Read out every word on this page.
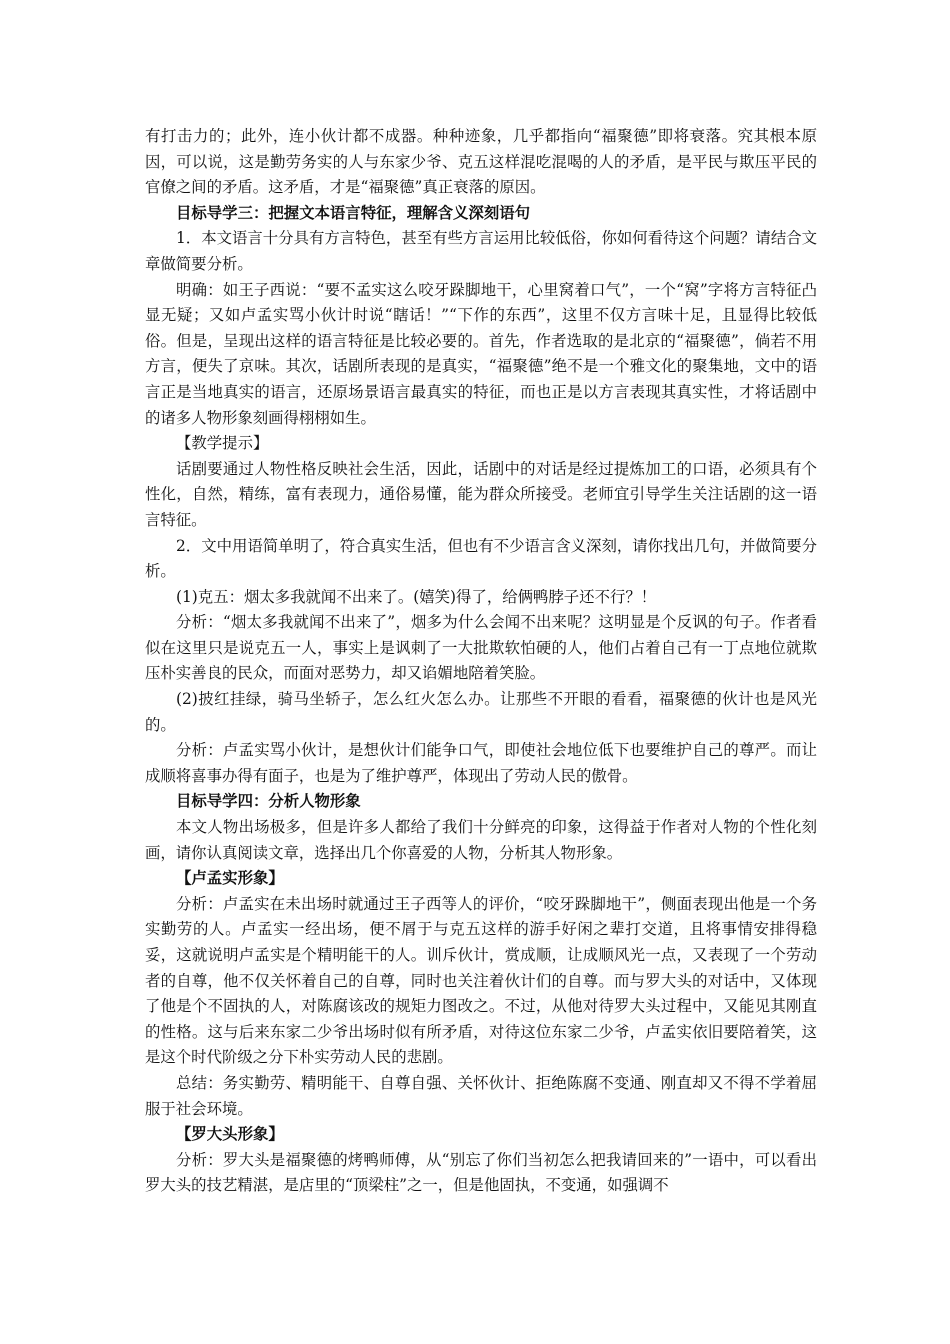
有打击力的；此外，连小伙计都不成器。种种迹象，几乎都指向“福聚德”即将衰落。究其根本原因，可以说，这是勤劳务实的人与东家少爷、克五这样混吃混喝的人的矛盾，是平民与欺压平民的官僚之间的矛盾。这矛盾，才是“福聚德”真正衰落的原因。

目标导学三：把握文本语言特征，理解含义深刻语句

1．本文语言十分具有方言特色，甚至有些方言运用比较低俗，你如何看待这个问题？请结合文章做简要分析。

明确：如王子西说：“要不孟实这么咬牙跺脚地干，心里窝着口气”，一个“窝”字将方言特征凸显无疑；又如卢孟实骂小伙计时说“瞎话！”“下作的东西”，这里不仅方言味十足，且显得比较低俗。但是，呈现出这样的语言特征是比较必要的。首先，作者选取的是北京的“福聚德”，倘若不用方言，便失了京味。其次，话剧所表现的是真实，“福聚德”绝不是一个雅文化的聚集地，文中的语言正是当地真实的语言，还原场景语言最真实的特征，而也正是以方言表现其真实性，才将话剧中的诸多人物形象刻画得栩栩如生。

【教学提示】

话剧要通过人物性格反映社会生活，因此，话剧中的对话是经过提炼加工的口语，必须具有个性化，自然，精练，富有表现力，通俗易懂，能为群众所接受。老师宜引导学生关注话剧的这一语言特征。

2．文中用语简单明了，符合真实生活，但也有不少语言含义深刻，请你找出几句，并做简要分析。

(1)克五：烟太多我就闻不出来了。(嬉笑)得了，给俩鸭脖子还不行？！

分析：“烟太多我就闻不出来了”，烟多为什么会闻不出来呢？这明显是个反讽的句子。作者看似在这里只是说克五一人，事实上是讽刺了一大批欺软怕硬的人，他们占着自己有一丁点地位就欺压朴实善良的民众，而面对恶势力，却又谄媚地陪着笑脸。

(2)披红挂绿，骑马坐轿子，怎么红火怎么办。让那些不开眼的看看，福聚德的伙计也是风光的。

分析：卢孟实骂小伙计，是想伙计们能争口气，即使社会地位低下也要维护自己的尊严。而让成顺将喜事办得有面子，也是为了维护尊严，体现出了劳动人民的傲骨。

目标导学四：分析人物形象

本文人物出场极多，但是许多人都给了我们十分鲜亮的印象，这得益于作者对人物的个性化刻画，请你认真阅读文章，选择出几个你喜爱的人物，分析其人物形象。

【卢孟实形象】

分析：卢孟实在未出场时就通过王子西等人的评价，“咬牙跺脚地干”，侧面表现出他是一个务实勤劳的人。卢孟实一经出场，便不屑于与克五这样的游手好闲之辈打交道，且将事情安排得稳妥，这就说明卢孟实是个精明能干的人。训斥伙计，赏成顺，让成顺风光一点，又表现了一个劳动者的自尊，他不仅关怀着自己的自尊，同时也关注着伙计们的自尊。而与罗大头的对话中，又体现了他是个不固执的人，对陈腐该改的规矩力图改之。不过，从他对待罗大头过程中，又能见其刚直的性格。这与后来东家二少爷出场时似有所矛盾，对待这位东家二少爷，卢孟实依旧要陪着笑，这是这个时代阶级之分下朴实劳动人民的悲剧。

总结：务实勤劳、精明能干、自尊自强、关怀伙计、拒绝陈腐不变通、刚直却又不得不学着屈服于社会环境。

【罗大头形象】

分析：罗大头是福聚德的烤鸭师傅，从“别忘了你们当初怎么把我请回来的”一语中，可以看出罗大头的技艺精湛，是店里的“顶梁柱”之一，但是他固执，不变通，如强调不
